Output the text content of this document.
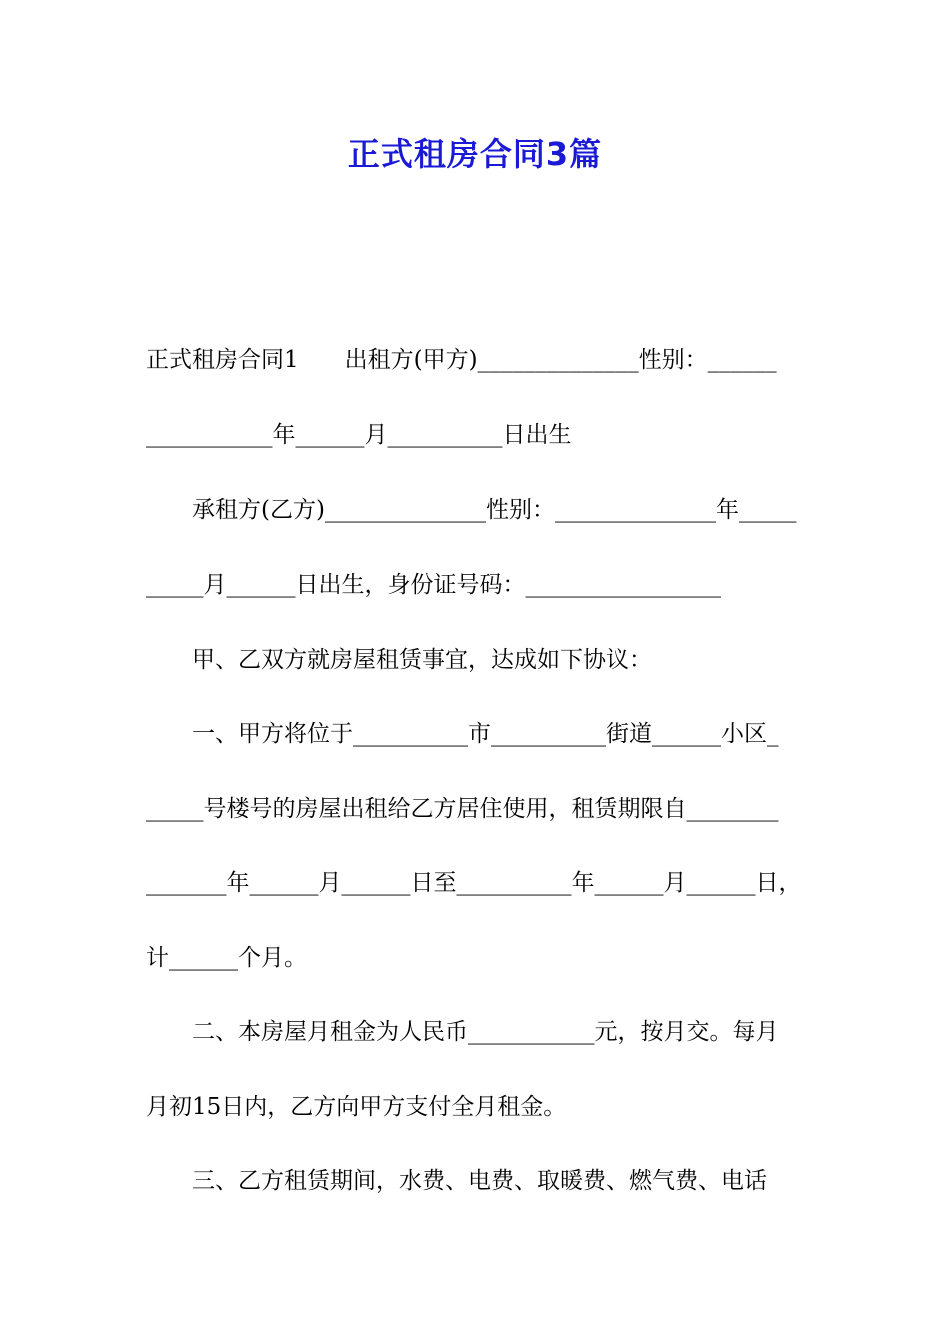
正式租房合同3篇
正式租房合同1　　出租方(甲方)______________性别：______
___________年______月__________日出生
承租方(乙方)______________性别：______________年_____
_____月______日出生，身份证号码：_________________
甲、乙双方就房屋租赁事宜，达成如下协议：
一、甲方将位于__________市__________街道______小区_
_____号楼号的房屋出租给乙方居住使用，租赁期限自________
_______年______月______日至__________年______月______日，
计______个月。
二、本房屋月租金为人民币___________元，按月交。每月
月初15日内，乙方向甲方支付全月租金。
三、乙方租赁期间，水费、电费、取暖费、燃气费、电话
